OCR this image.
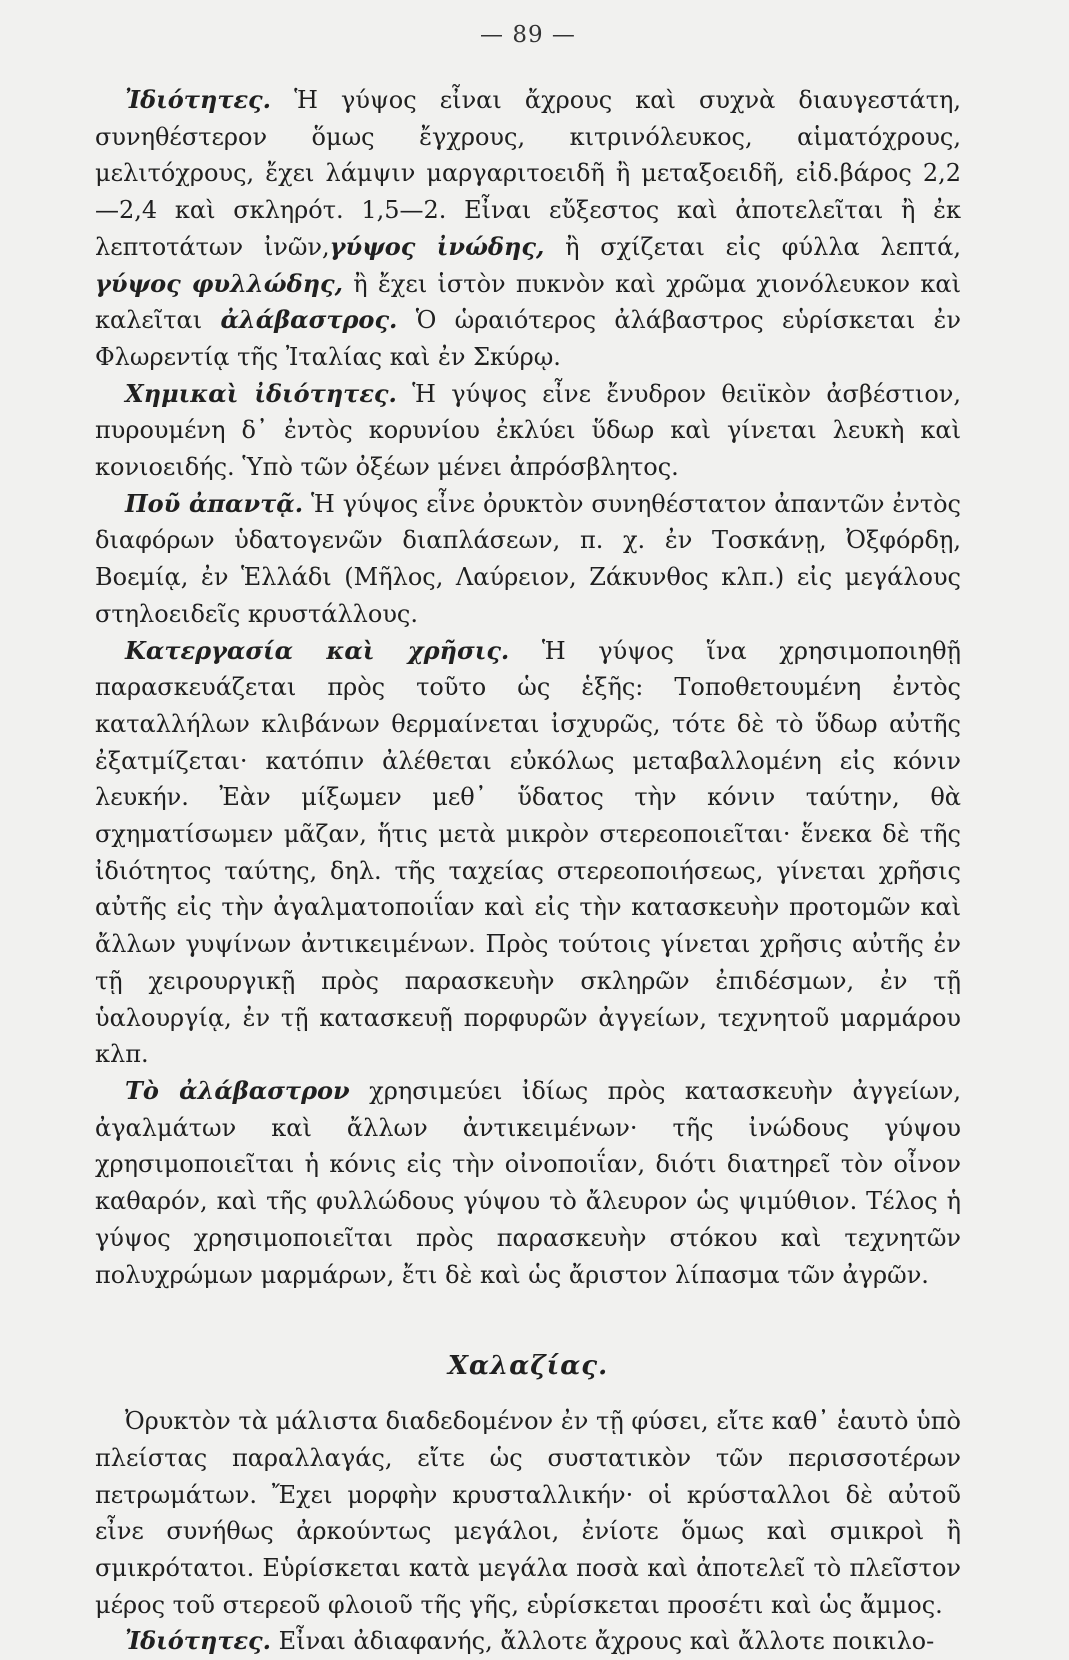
— 89 —

Ἰδιότητες. Ἡ γύψος εἶναι ἄχρους καὶ συχνὰ διαυγεστάτη, συνηθέστερον ὅμως ἔγχρους, κιτρινόλευκος, αἱματόχρους, μελιτόχρους, ἔχει λάμψιν μαργαριτοειδῆ ἢ μεταξοειδῆ, εἰδ.βάρος 2,2—2,4 καὶ σκληρότ. 1,5—2. Εἶναι εὔξεστος καὶ ἀποτελεῖται ἢ ἐκ λεπτοτάτων ἰνῶν,γύψος ἰνώδης, ἢ σχίζεται εἰς φύλλα λεπτά, γύψος φυλλώδης, ἢ ἔχει ἱστὸν πυκνὸν καὶ χρῶμα χιονόλευκον καὶ καλεῖται ἀλάβαστρος. Ὁ ὡραιότερος ἀλάβαστρος εὑρίσκεται ἐν Φλωρεντίᾳ τῆς Ἰταλίας καὶ ἐν Σκύρῳ.

Χημικαὶ ἰδιότητες. Ἡ γύψος εἶνε ἔνυδρον θειϊκὸν ἀσβέστιον, πυρουμένη δ᾽ ἐντὸς κορυνίου ἐκλύει ὕδωρ καὶ γίνεται λευκὴ καὶ κονιοειδής. Ὑπὸ τῶν ὀξέων μένει ἀπρόσβλητος.

Ποῦ ἀπαντᾷ. Ἡ γύψος εἶνε ὀρυκτὸν συνηθέστατον ἀπαντῶν ἐντὸς διαφόρων ὑδατογενῶν διαπλάσεων, π. χ. ἐν Τοσκάνῃ, Ὀξφόρδῃ, Βοεμίᾳ, ἐν Ἑλλάδι (Μῆλος, Λαύρειον, Ζάκυνθος κλπ.) εἰς μεγάλους στηλοειδεῖς κρυστάλλους.

Κατεργασία καὶ χρῆσις. Ἡ γύψος ἵνα χρησιμοποιηθῇ παρασκευάζεται πρὸς τοῦτο ὡς ἑξῆς: Τοποθετουμένη ἐντὸς καταλλήλων κλιβάνων θερμαίνεται ἰσχυρῶς, τότε δὲ τὸ ὕδωρ αὐτῆς ἐξατμίζεται· κατόπιν ἀλέθεται εὐκόλως μεταβαλλομένη εἰς κόνιν λευκήν. Ἐὰν μίξωμεν μεθ᾽ ὕδατος τὴν κόνιν ταύτην, θὰ σχηματίσωμεν μᾶζαν, ἥτις μετὰ μικρὸν στερεοποιεῖται· ἕνεκα δὲ τῆς ἰδιότητος ταύτης, δηλ. τῆς ταχείας στερεοποιήσεως, γίνεται χρῆσις αὐτῆς εἰς τὴν ἀγαλματοποιΐαν καὶ εἰς τὴν κατασκευὴν προτομῶν καὶ ἄλλων γυψίνων ἀντικειμένων. Πρὸς τούτοις γίνεται χρῆσις αὐτῆς ἐν τῇ χειρουργικῇ πρὸς παρασκευὴν σκληρῶν ἐπιδέσμων, ἐν τῇ ὑαλουργίᾳ, ἐν τῇ κατασκευῇ πορφυρῶν ἀγγείων, τεχνητοῦ μαρμάρου κλπ.

Τὸ ἀλάβαστρον χρησιμεύει ἰδίως πρὸς κατασκευὴν ἀγγείων, ἀγαλμάτων καὶ ἄλλων ἀντικειμένων· τῆς ἰνώδους γύψου χρησιμοποιεῖται ἡ κόνις εἰς τὴν οἰνοποιΐαν, διότι διατηρεῖ τὸν οἶνον καθαρόν, καὶ τῆς φυλλώδους γύψου τὸ ἄλευρον ὡς ψιμύθιον. Τέλος ἡ γύψος χρησιμοποιεῖται πρὸς παρασκευὴν στόκου καὶ τεχνητῶν πολυχρώμων μαρμάρων, ἔτι δὲ καὶ ὡς ἄριστον λίπασμα τῶν ἀγρῶν.

Χαλαζίας.

Ὀρυκτὸν τὰ μάλιστα διαδεδομένον ἐν τῇ φύσει, εἴτε καθ᾽ ἑαυτὸ ὑπὸ πλείστας παραλλαγάς, εἴτε ὡς συστατικὸν τῶν περισσοτέρων πετρωμάτων. Ἔχει μορφὴν κρυσταλλικήν· οἱ κρύσταλλοι δὲ αὐτοῦ εἶνε συνήθως ἀρκούντως μεγάλοι, ἐνίοτε ὅμως καὶ σμικροὶ ἢ σμικρότατοι. Εὑρίσκεται κατὰ μεγάλα ποσὰ καὶ ἀποτελεῖ τὸ πλεῖστον μέρος τοῦ στερεοῦ φλοιοῦ τῆς γῆς, εὑρίσκεται προσέτι καὶ ὡς ἄμμος.

Ἰδιότητες. Εἶναι ἀδιαφανής, ἄλλοτε ἄχρους καὶ ἄλλοτε ποικιλο-
